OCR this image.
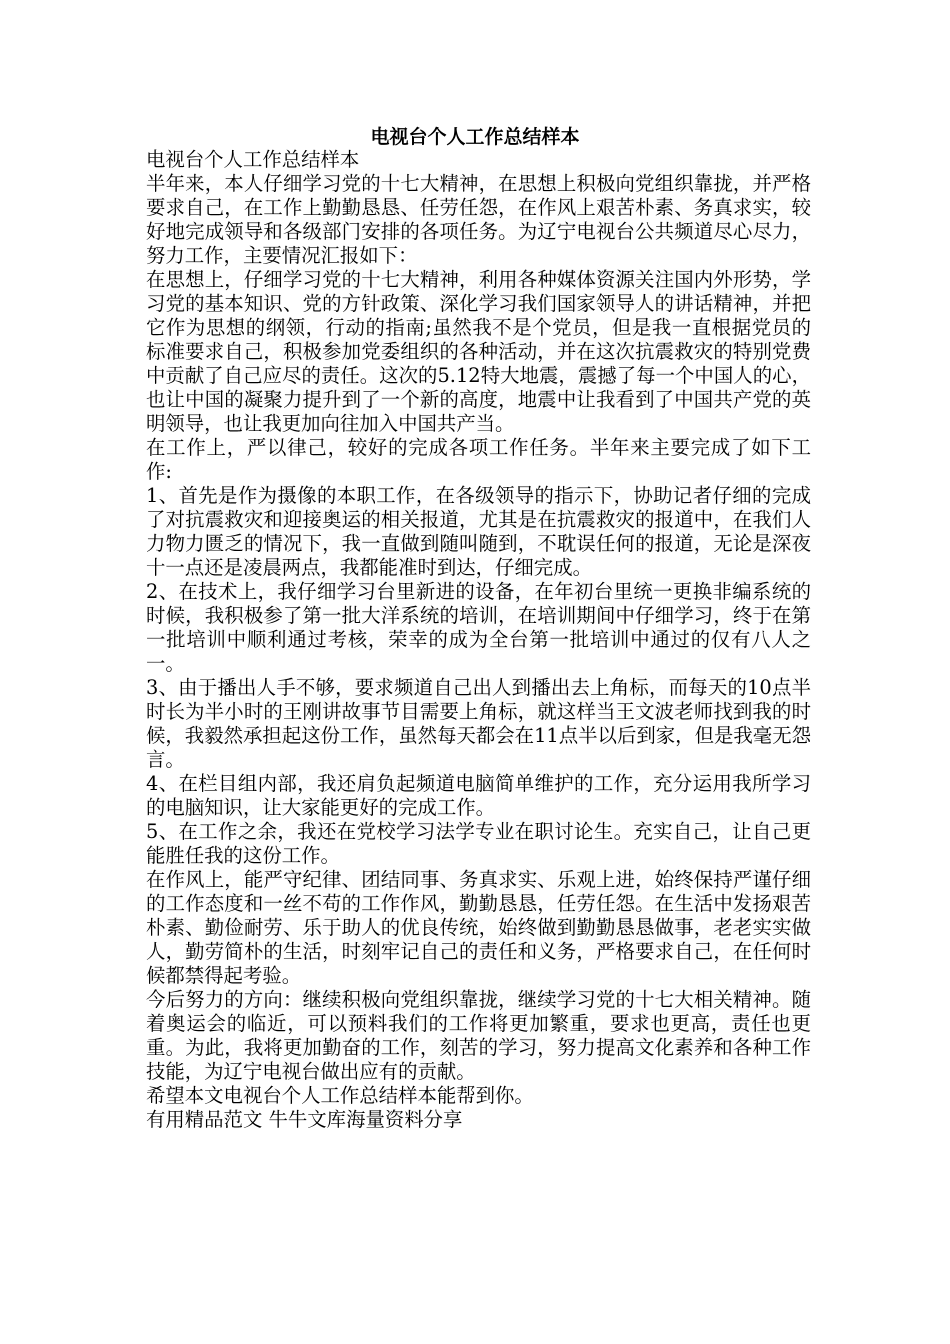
电视台个人工作总结样本

电视台个人工作总结样本

半年来，本人仔细学习党的十七大精神，在思想上积极向党组织靠拢，并严格要求自己，在工作上勤勤恳恳、任劳任怨，在作风上艰苦朴素、务真求实，较好地完成领导和各级部门安排的各项任务。为辽宁电视台公共频道尽心尽力，努力工作，主要情况汇报如下：

在思想上，仔细学习党的十七大精神，利用各种媒体资源关注国内外形势，学习党的基本知识、党的方针政策、深化学习我们国家领导人的讲话精神，并把它作为思想的纲领，行动的指南;虽然我不是个党员，但是我一直根据党员的标准要求自己，积极参加党委组织的各种活动，并在这次抗震救灾的特别党费中贡献了自己应尽的责任。这次的5.12特大地震，震撼了每一个中国人的心，也让中国的凝聚力提升到了一个新的高度，地震中让我看到了中国共产党的英明领导，也让我更加向往加入中国共产当。

在工作上，严以律己，较好的完成各项工作任务。半年来主要完成了如下工作:

1、首先是作为摄像的本职工作，在各级领导的指示下，协助记者仔细的完成了对抗震救灾和迎接奥运的相关报道，尤其是在抗震救灾的报道中，在我们人力物力匮乏的情况下，我一直做到随叫随到，不耽误任何的报道，无论是深夜十一点还是凌晨两点，我都能准时到达，仔细完成。

2、在技术上，我仔细学习台里新进的设备，在年初台里统一更换非编系统的时候，我积极参了第一批大洋系统的培训，在培训期间中仔细学习，终于在第一批培训中顺利通过考核，荣幸的成为全台第一批培训中通过的仅有八人之一。

3、由于播出人手不够，要求频道自己出人到播出去上角标，而每天的10点半时长为半小时的王刚讲故事节目需要上角标，就这样当王文波老师找到我的时候，我毅然承担起这份工作，虽然每天都会在11点半以后到家，但是我毫无怨言。

4、在栏目组内部，我还肩负起频道电脑简单维护的工作，充分运用我所学习的电脑知识，让大家能更好的完成工作。

5、在工作之余，我还在党校学习法学专业在职讨论生。充实自己，让自己更能胜任我的这份工作。

在作风上，能严守纪律、团结同事、务真求实、乐观上进，始终保持严谨仔细的工作态度和一丝不苟的工作作风，勤勤恳恳，任劳任怨。在生活中发扬艰苦朴素、勤俭耐劳、乐于助人的优良传统，始终做到勤勤恳恳做事，老老实实做人，勤劳简朴的生活，时刻牢记自己的责任和义务，严格要求自己，在任何时候都禁得起考验。

今后努力的方向：继续积极向党组织靠拢，继续学习党的十七大相关精神。随着奥运会的临近，可以预料我们的工作将更加繁重，要求也更高，责任也更重。为此，我将更加勤奋的工作，刻苦的学习，努力提高文化素养和各种工作技能，为辽宁电视台做出应有的贡献。

希望本文电视台个人工作总结样本能帮到你。

有用精品范文 牛牛文库海量资料分享
